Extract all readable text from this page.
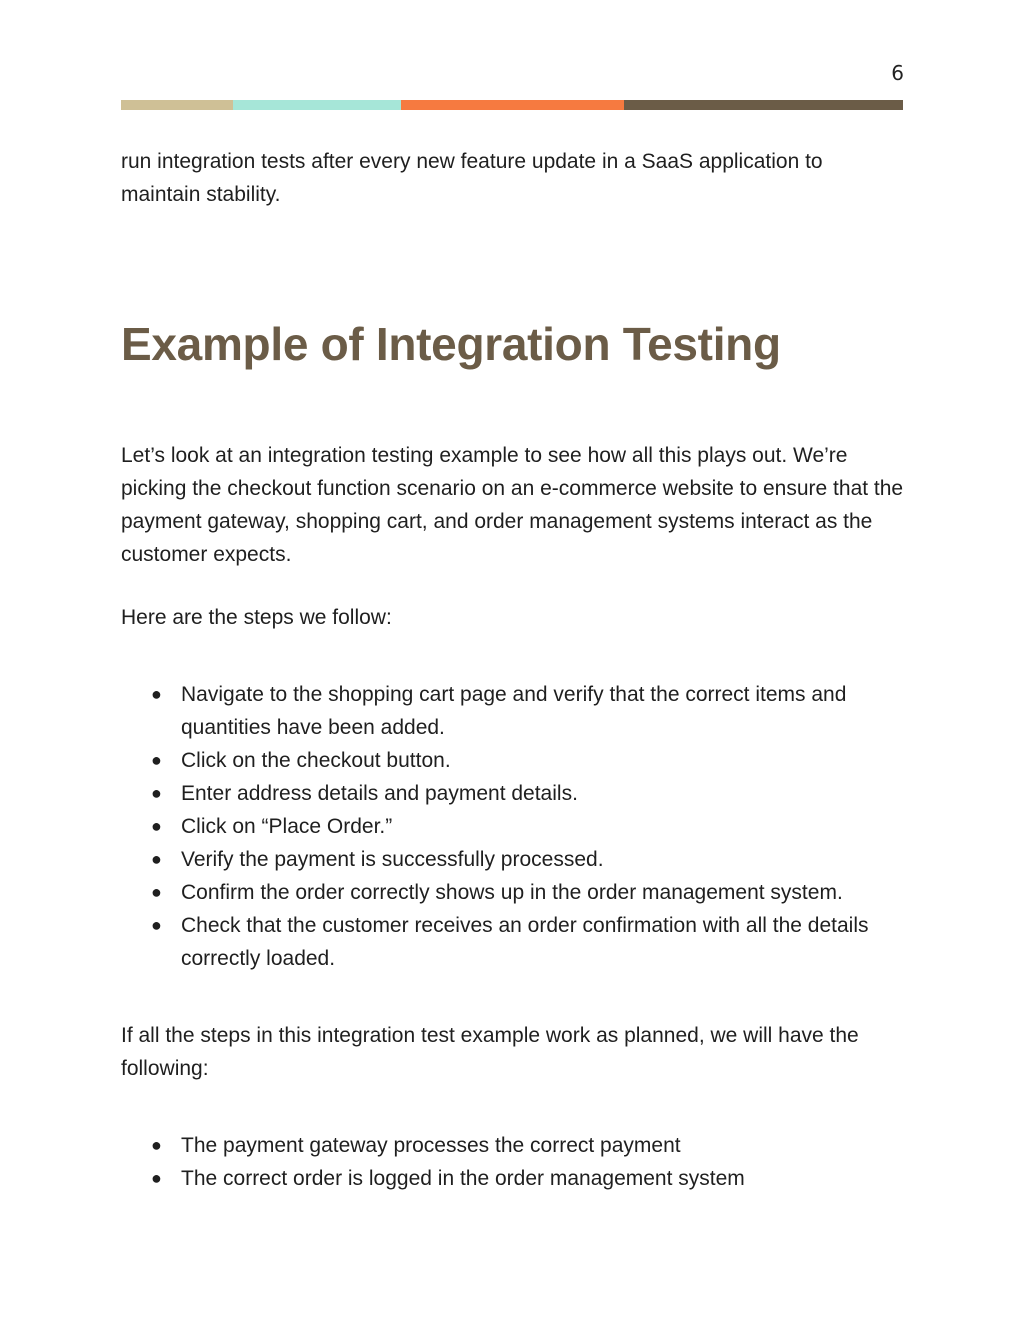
6

run integration tests after every new feature update in a SaaS application to maintain stability.

Example of Integration Testing

Let’s look at an integration testing example to see how all this plays out. We’re picking the checkout function scenario on an e-commerce website to ensure that the payment gateway, shopping cart, and order management systems interact as the customer expects.

Here are the steps we follow:

● Navigate to the shopping cart page and verify that the correct items and quantities have been added.
● Click on the checkout button.
● Enter address details and payment details.
● Click on “Place Order.”
● Verify the payment is successfully processed.
● Confirm the order correctly shows up in the order management system.
● Check that the customer receives an order confirmation with all the details correctly loaded.

If all the steps in this integration test example work as planned, we will have the following:

● The payment gateway processes the correct payment
● The correct order is logged in the order management system
